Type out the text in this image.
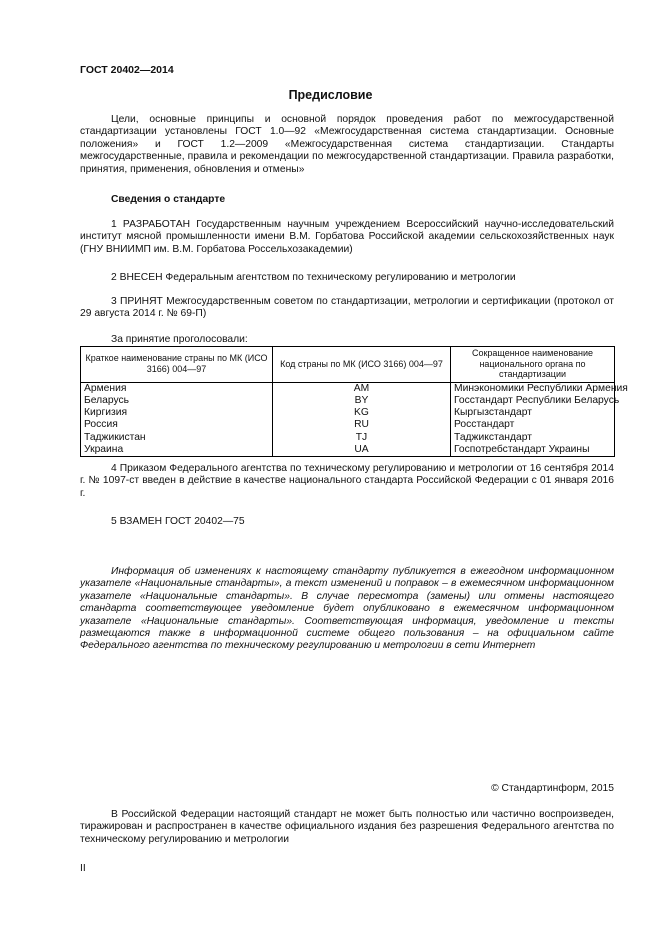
ГОСТ 20402—2014
Предисловие

Цели, основные принципы и основной порядок проведения работ по межгосударственной стандартизации установлены ГОСТ 1.0—92 «Межгосударственная система стандартизации. Основные положения» и ГОСТ 1.2—2009 «Межгосударственная система стандартизации. Стандарты межгосударственные, правила и рекомендации по межгосударственной стандартизации. Правила разработки, принятия, применения, обновления и отмены»

Сведения о стандарте

1 РАЗРАБОТАН Государственным научным учреждением Всероссийский научно-исследовательский институт мясной промышленности имени В.М. Горбатова Российской академии сельскохозяйственных наук (ГНУ ВНИИМП им. В.М. Горбатова Россельхозакадемии)

2 ВНЕСЕН Федеральным агентством по техническому регулированию и метрологии

3 ПРИНЯТ Межгосударственным советом по стандартизации, метрологии и сертификации (протокол от 29 августа 2014 г. № 69-П)

За принятие проголосовали:
Краткое наименование страны по МК (ИСО 3166) 004—97	Код страны по МК (ИСО 3166) 004—97	Сокращенное наименование национального органа по стандартизации
Армения	AM	Минэкономики Республики Армения
Беларусь	BY	Госстандарт Республики Беларусь
Киргизия	KG	Кыргызстандарт
Россия	RU	Росстандарт
Таджикистан	TJ	Таджикстандарт
Украина	UA	Госпотребстандарт Украины

4 Приказом Федерального агентства по техническому регулированию и метрологии от 16 сентября 2014 г. № 1097-ст введен в действие в качестве национального стандарта Российской Федерации с 01 января 2016 г.

5 ВЗАМЕН ГОСТ 20402—75

Информация об изменениях к настоящему стандарту публикуется в ежегодном информационном указателе «Национальные стандарты», а текст изменений и поправок – в ежемесячном информационном указателе «Национальные стандарты». В случае пересмотра (замены) или отмены настоящего стандарта соответствующее уведомление будет опубликовано в ежемесячном информационном указателе «Национальные стандарты». Соответствующая информация, уведомление и тексты размещаются также в информационной системе общего пользования – на официальном сайте Федерального агентства по техническому регулированию и метрологии в сети Интернет

© Стандартинформ, 2015

В Российской Федерации настоящий стандарт не может быть полностью или частично воспроизведен, тиражирован и распространен в качестве официального издания без разрешения Федерального агентства по техническому регулированию и метрологии

II
